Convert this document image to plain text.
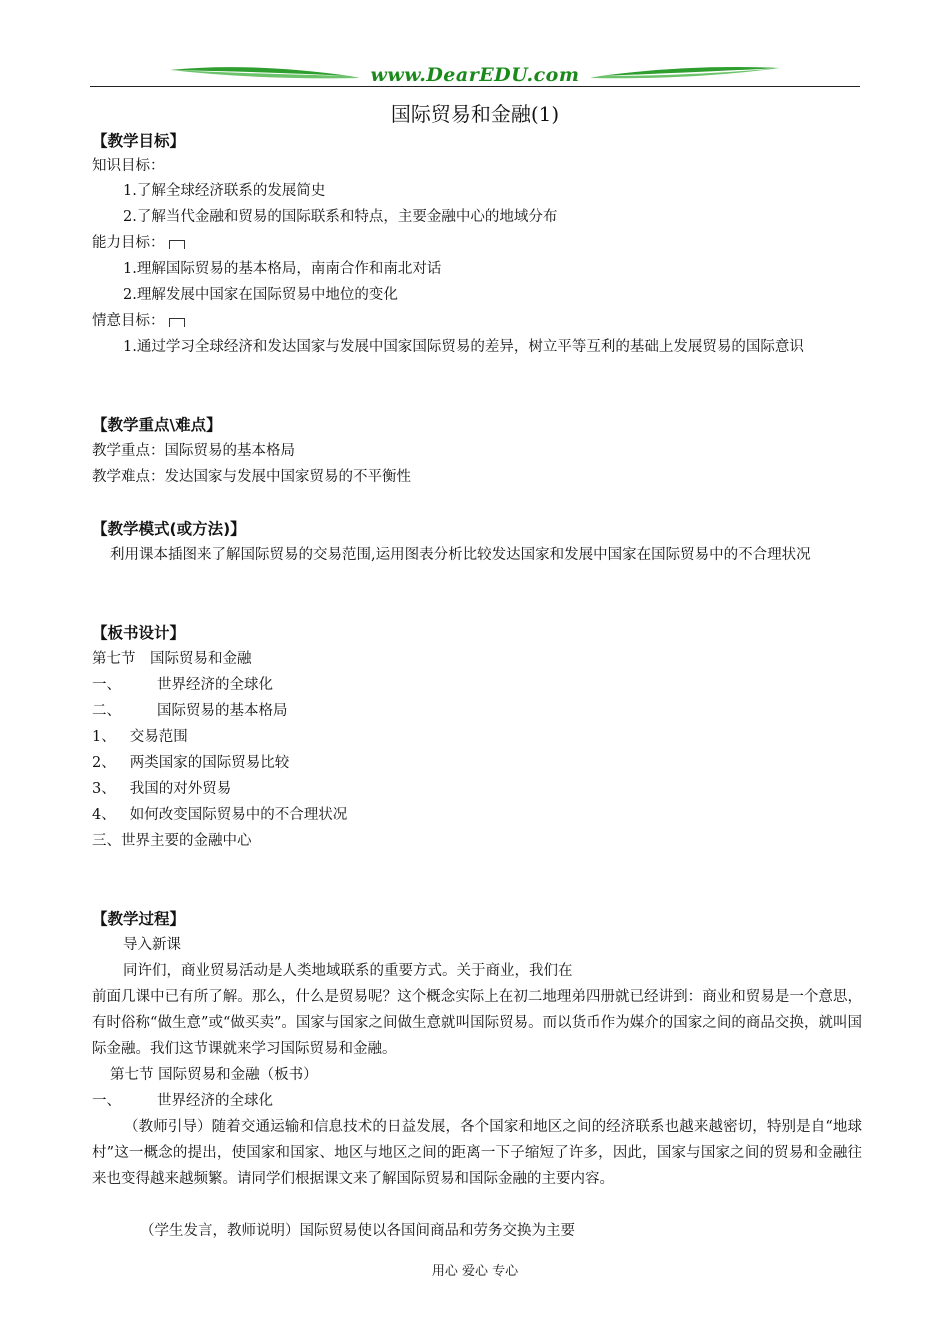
www.DearEDU.com
国际贸易和金融(1)
【教学目标】
知识目标：
1.了解全球经济联系的发展简史
2.了解当代金融和贸易的国际联系和特点，主要金融中心的地域分布
能力目标：
1.理解国际贸易的基本格局，南南合作和南北对话
2.理解发展中国家在国际贸易中地位的变化
情意目标：
1.通过学习全球经济和发达国家与发展中国家国际贸易的差异，树立平等互利的基础上发展贸易的国际意识
【教学重点\难点】
教学重点：国际贸易的基本格局
教学难点：发达国家与发展中国家贸易的不平衡性
【教学模式(或方法)】
利用课本插图来了解国际贸易的交易范围,运用图表分析比较发达国家和发展中国家在国际贸易中的不合理状况
【板书设计】
第七节　国际贸易和金融
一、 世界经济的全球化
二、 国际贸易的基本格局
1、 交易范围
2、 两类国家的国际贸易比较
3、 我国的对外贸易
4、 如何改变国际贸易中的不合理状况
三、世界主要的金融中心
【教学过程】
导入新课
同许们，商业贸易活动是人类地域联系的重要方式。关于商业，我们在
前面几课中已有所了解。那么，什么是贸易呢？这个概念实际上在初二地理弟四册就已经讲到：商业和贸易是一个意思，有时俗称“做生意”或“做买卖”。国家与国家之间做生意就叫国际贸易。而以货币作为媒介的国家之间的商品交换，就叫国际金融。我们这节课就来学习国际贸易和金融。
第七节 国际贸易和金融（板书）
一、 世界经济的全球化
（教师引导）随着交通运输和信息技术的日益发展，各个国家和地区之间的经济联系也越来越密切，特别是自“地球村”这一概念的提出，使国家和国家、地区与地区之间的距离一下子缩短了许多，因此，国家与国家之间的贸易和金融往来也变得越来越频繁。请同学们根据课文来了解国际贸易和国际金融的主要内容。
（学生发言，教师说明）国际贸易使以各国间商品和劳务交换为主要
用心 爱心 专心
